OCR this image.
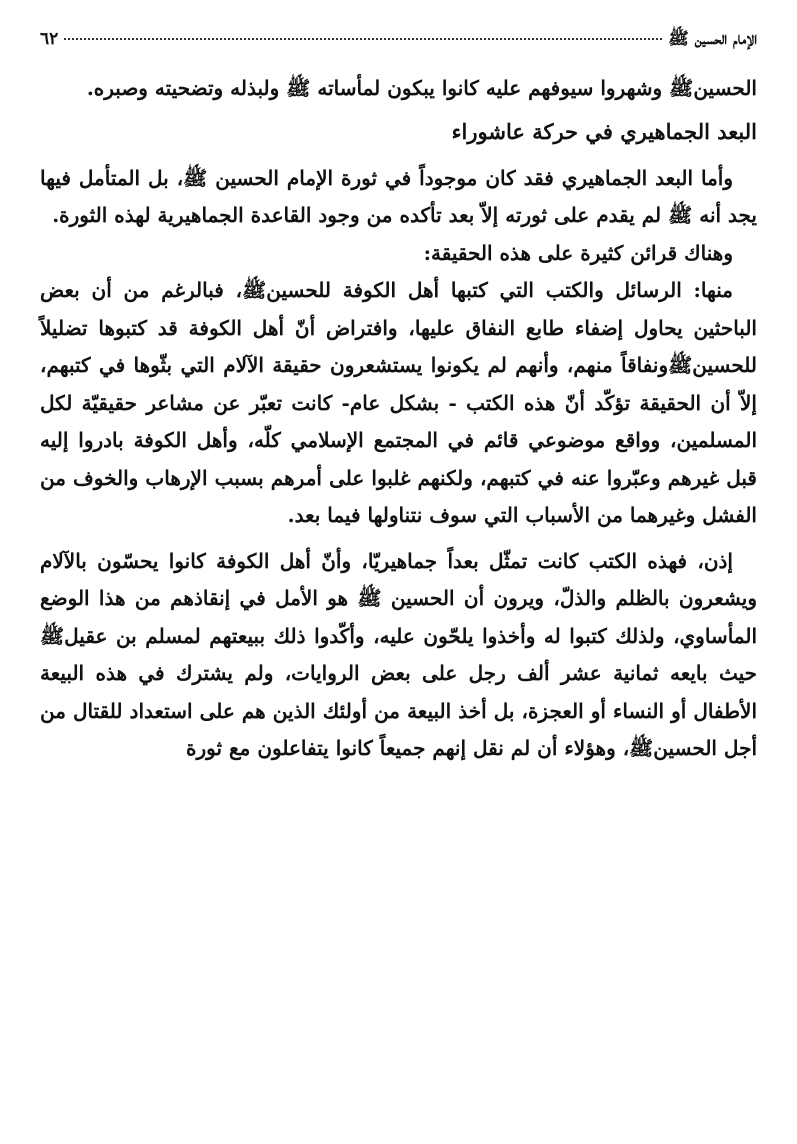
الإمام الحسين ﷺ
٦٢

الحسينﷺ وشهروا سيوفهم عليه كانوا يبكون لمأساته ﷺ ولبذله وتضحيته وصبره.

البعد الجماهيري في حركة عاشوراء

وأما البعد الجماهيري فقد كان موجوداً في ثورة الإمام الحسين ﷺ، بل المتأمل فيها يجد أنه ﷺ لم يقدم على ثورته إلاّ بعد تأكده من وجود القاعدة الجماهيرية لهذه الثورة.

وهناك قرائن كثيرة على هذه الحقيقة:

منها: الرسائل والكتب التي كتبها أهل الكوفة للحسينﷺ، فبالرغم من أن بعض الباحثين يحاول إضفاء طابع النفاق عليها، وافتراض أنّ أهل الكوفة قد كتبوها تضليلاً للحسينﷺونفاقاً منهم، وأنهم لم يكونوا يستشعرون حقيقة الآلام التي بثّوها في كتبهم، إلاّ أن الحقيقة تؤكّد أنّ هذه الكتب - بشكل عام- كانت تعبّر عن مشاعر حقيقيّة لكل المسلمين، وواقع موضوعي قائم في المجتمع الإسلامي كلّه، وأهل الكوفة بادروا إليه قبل غيرهم وعبّروا عنه في كتبهم، ولكنهم غلبوا على أمرهم بسبب الإرهاب والخوف من الفشل وغيرهما من الأسباب التي سوف نتناولها فيما بعد.

إذن، فهذه الكتب كانت تمثّل بعداً جماهيريّا، وأنّ أهل الكوفة كانوا يحسّون بالآلام ويشعرون بالظلم والذلّ، ويرون أن الحسين ﷺ هو الأمل في إنقاذهم من هذا الوضع المأساوي، ولذلك كتبوا له وأخذوا يلحّون عليه، وأكّدوا ذلك ببيعتهم لمسلم بن عقيلﷺ حيث بايعه ثمانية عشر ألف رجل على بعض الروايات، ولم يشترك في هذه البيعة الأطفال أو النساء أو العجزة، بل أخذ البيعة من أولئك الذين هم على استعداد للقتال من أجل الحسينﷺ، وهؤلاء أن لم نقل إنهم جميعاً كانوا يتفاعلون مع ثورة
